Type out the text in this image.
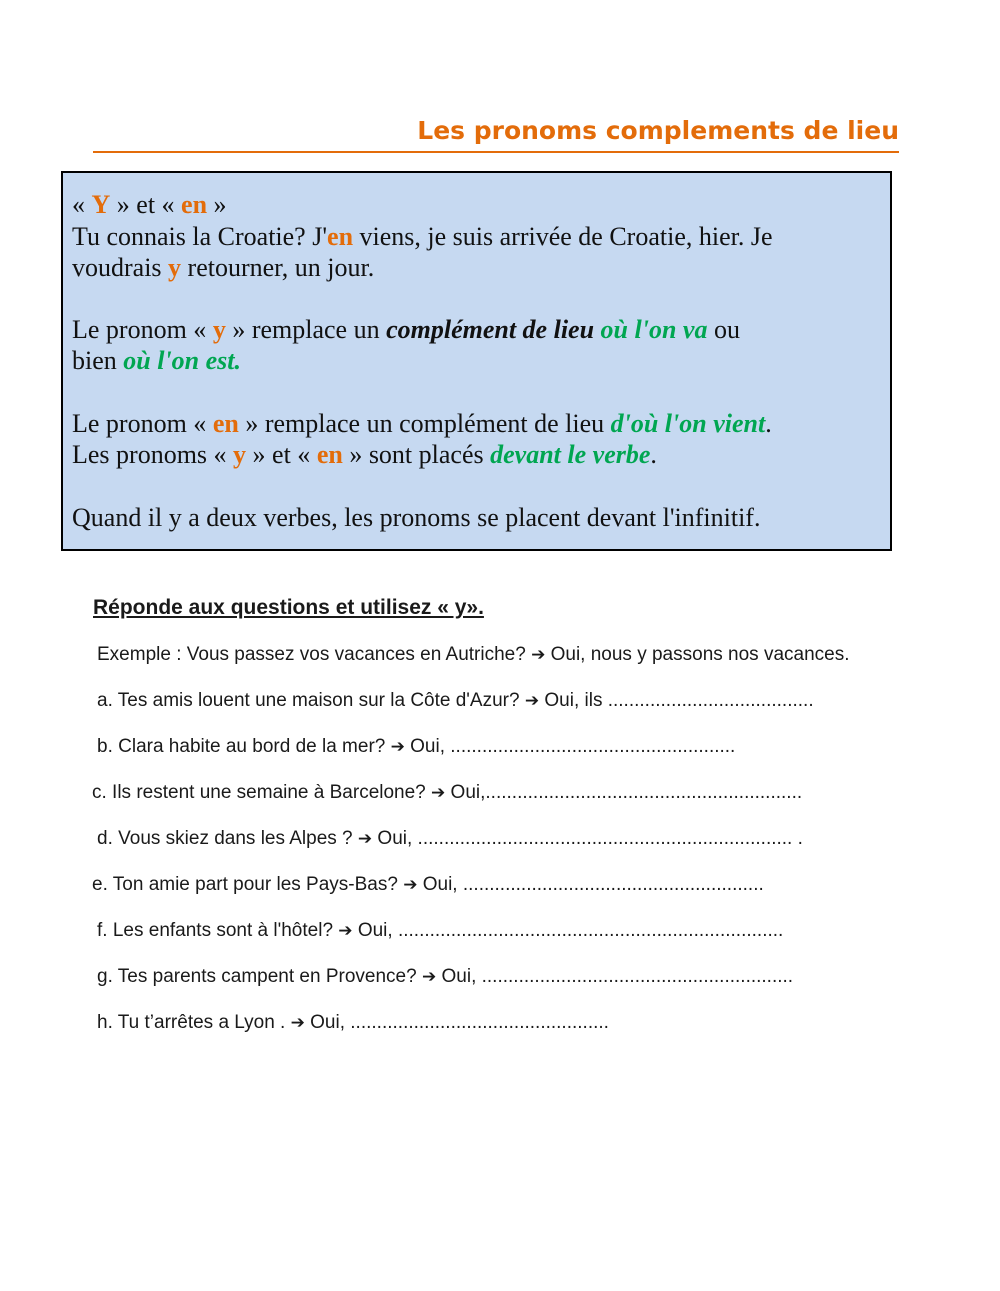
Les pronoms complements de lieu
« Y » et « en »
Tu connais la Croatie? J'en viens, je suis arrivée de Croatie, hier. Je
voudrais y retourner, un jour.
Le pronom « y » remplace un complément de lieu où l'on va ou
bien où l'on est.
Le pronom « en » remplace un complément de lieu d'où l'on vient.
Les pronoms « y » et « en » sont placés devant le verbe.
Quand il y a deux verbes, les pronoms se placent devant l'infinitif.
Réponde aux questions et utilisez « y».
Exemple : Vous passez vos vacances en Autriche? ➔ Oui, nous y passons nos vacances.
a. Tes amis louent une maison sur la Côte d'Azur? ➔ Oui, ils .......................................
b. Clara habite au bord de la mer? ➔ Oui, ......................................................
c. Ils restent une semaine à Barcelone? ➔ Oui,............................................................
d. Vous skiez dans les Alpes ? ➔ Oui, ....................................................................... .
e. Ton amie part pour les Pays-Bas? ➔ Oui, .........................................................
f. Les enfants sont à l'hôtel? ➔ Oui, .........................................................................
g. Tes parents campent en Provence? ➔ Oui, ...........................................................
h. Tu t’arrêtes a Lyon . ➔ Oui, .................................................
